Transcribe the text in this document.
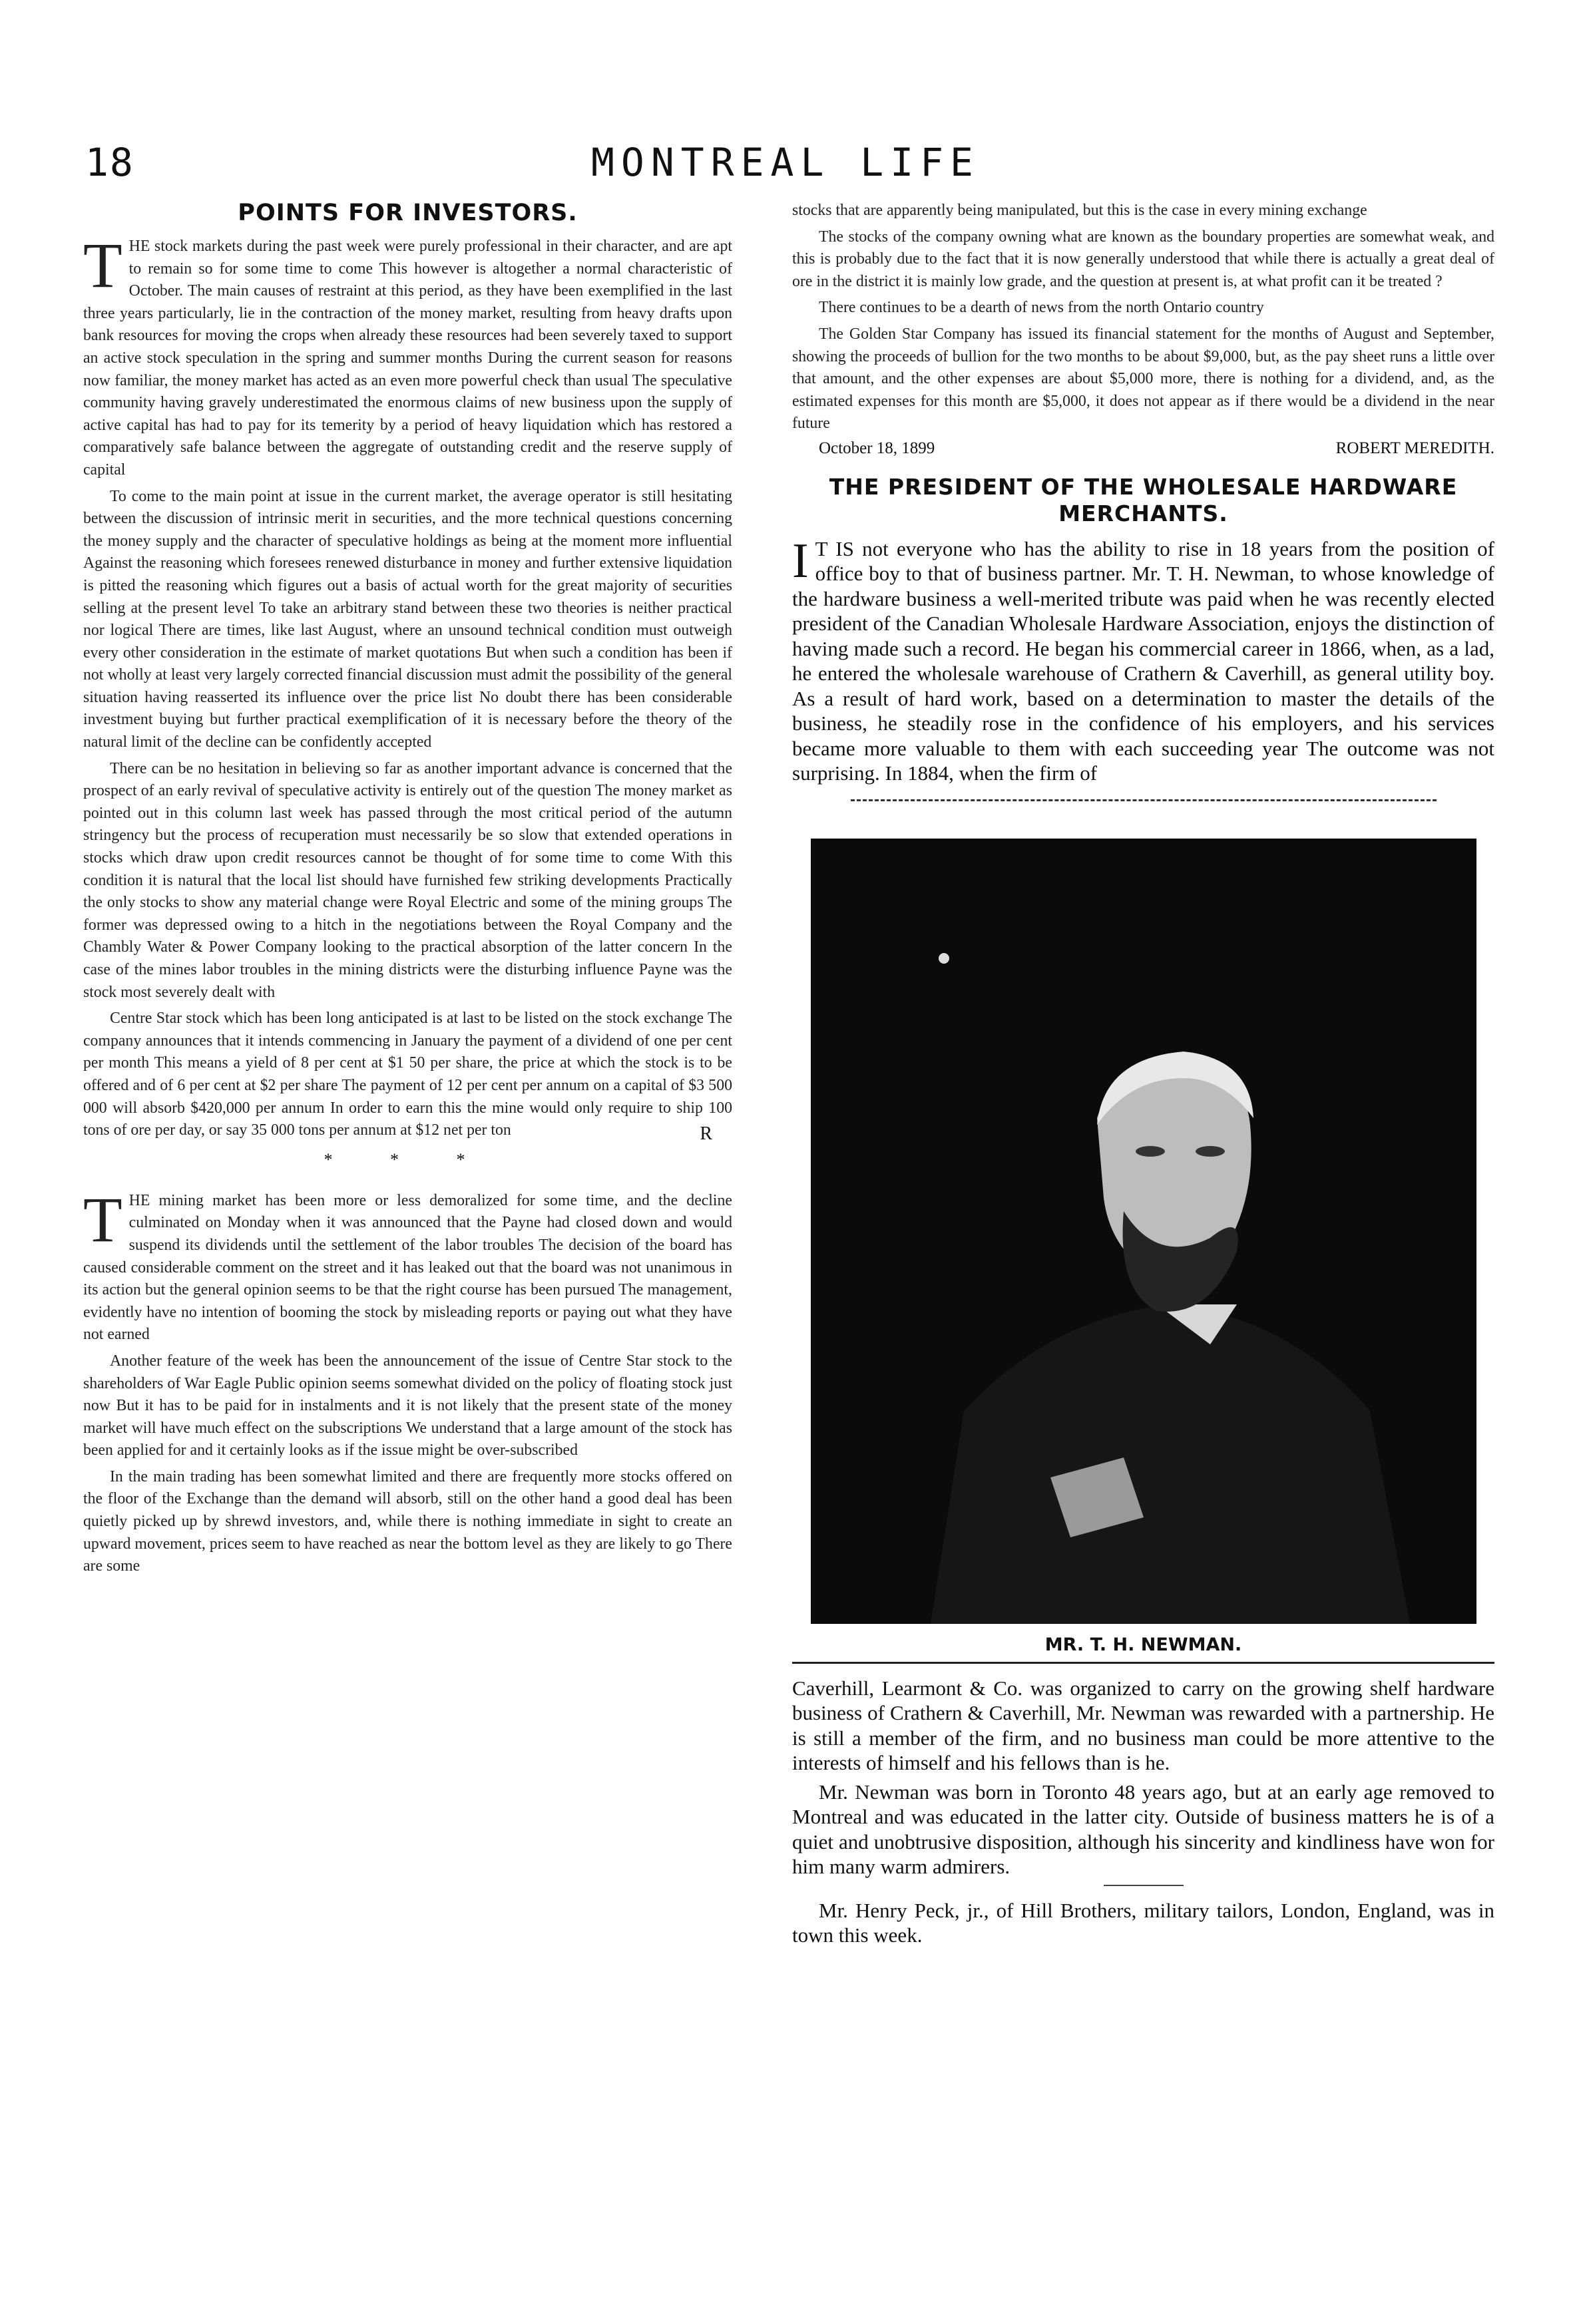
18	MONTREAL LIFE
POINTS FOR INVESTORS.

THE stock markets during the past week were purely professional in their character, and are apt to remain so for some time to come This however is altogether a normal characteristic of October. The main causes of restraint at this period, as they have been exemplified in the last three years particularly, lie in the contraction of the money market, resulting from heavy drafts upon bank resources for moving the crops when already these resources had been severely taxed to support an active stock speculation in the spring and summer months During the current season for reasons now familiar, the money market has acted as an even more powerful check than usual The speculative community having gravely underestimated the enormous claims of new business upon the supply of active capital has had to pay for its temerity by a period of heavy liquidation which has restored a comparatively safe balance between the aggregate of outstanding credit and the reserve supply of capital

To come to the main point at issue in the current market, the average operator is still hesitating between the discussion of intrinsic merit in securities, and the more technical questions concerning the money supply and the character of speculative holdings as being at the moment more influential Against the reasoning which foresees renewed disturbance in money and further extensive liquidation is pitted the reasoning which figures out a basis of actual worth for the great majority of securities selling at the present level To take an arbitrary stand between these two theories is neither practical nor logical There are times, like last August, where an unsound technical condition must outweigh every other consideration in the estimate of market quotations But when such a condition has been if not wholly at least very largely corrected financial discussion must admit the possibility of the general situation having reasserted its influence over the price list No doubt there has been considerable investment buying but further practical exemplification of it is necessary before the theory of the natural limit of the decline can be confidently accepted

There can be no hesitation in believing so far as another important advance is concerned that the prospect of an early revival of speculative activity is entirely out of the question The money market as pointed out in this column last week has passed through the most critical period of the autumn stringency but the process of recuperation must necessarily be so slow that extended operations in stocks which draw upon credit resources cannot be thought of for some time to come With this condition it is natural that the local list should have furnished few striking developments Practically the only stocks to show any material change were Royal Electric and some of the mining groups The former was depressed owing to a hitch in the negotiations between the Royal Company and the Chambly Water & Power Company looking to the practical absorption of the latter concern In the case of the mines labor troubles in the mining districts were the disturbing influence Payne was the stock most severely dealt with

Centre Star stock which has been long anticipated is at last to be listed on the stock exchange The company announces that it intends commencing in January the payment of a dividend of one per cent per month This means a yield of 8 per cent at $1 50 per share, the price at which the stock is to be offered and of 6 per cent at $2 per share The payment of 12 per cent per annum on a capital of $3 500 000 will absorb $420,000 per annum In order to earn this the mine would only require to ship 100 tons of ore per day, or say 35 000 tons per annum at $12 net per ton	R
* * *

THE mining market has been more or less demoralized for some time, and the decline culminated on Monday when it was announced that the Payne had closed down and would suspend its dividends until the settlement of the labor troubles The decision of the board has caused considerable comment on the street and it has leaked out that the board was not unanimous in its action but the general opinion seems to be that the right course has been pursued The management, evidently have no intention of booming the stock by misleading reports or paying out what they have not earned

Another feature of the week has been the announcement of the issue of Centre Star stock to the shareholders of War Eagle Public opinion seems somewhat divided on the policy of floating stock just now But it has to be paid for in instalments and it is not likely that the present state of the money market will have much effect on the subscriptions We understand that a large amount of the stock has been applied for and it certainly looks as if the issue might be over-subscribed

In the main trading has been somewhat limited and there are frequently more stocks offered on the floor of the Exchange than the demand will absorb, still on the other hand a good deal has been quietly picked up by shrewd investors, and, while there is nothing immediate in sight to create an upward movement, prices seem to have reached as near the bottom level as they are likely to go There are some

stocks that are apparently being manipulated, but this is the case in every mining exchange

The stocks of the company owning what are known as the boundary properties are somewhat weak, and this is probably due to the fact that it is now generally understood that while there is actually a great deal of ore in the district it is mainly low grade, and the question at present is, at what profit can it be treated ?

There continues to be a dearth of news from the north Ontario country

The Golden Star Company has issued its financial statement for the months of August and September, showing the proceeds of bullion for the two months to be about $9,000, but, as the pay sheet runs a little over that amount, and the other expenses are about $5,000 more, there is nothing for a dividend, and, as the estimated expenses for this month are $5,000, it does not appear as if there would be a dividend in the near future

October 18, 1899	ROBERT MEREDITH.
THE PRESIDENT OF THE WHOLESALE HARDWARE MERCHANTS.

I T IS not everyone who has the ability to rise in 18 years from the position of office boy to that of business partner. Mr. T. H. Newman, to whose knowledge of the hardware business a well-merited tribute was paid when he was recently elected president of the Canadian Wholesale Hardware Association, enjoys the distinction of having made such a record. He began his commercial career in 1866, when, as a lad, he entered the wholesale warehouse of Crathern & Caverhill, as general utility boy. As a result of hard work, based on a determination to master the details of the business, he steadily rose in the confidence of his employers, and his services became more valuable to them with each succeeding year The outcome was not surprising. In 1884, when the firm of

MR. T. H. NEWMAN.

Caverhill, Learmont & Co. was organized to carry on the growing shelf hardware business of Crathern & Caverhill, Mr. Newman was rewarded with a partnership. He is still a member of the firm, and no business man could be more attentive to the interests of himself and his fellows than is he.

Mr. Newman was born in Toronto 48 years ago, but at an early age removed to Montreal and was educated in the latter city. Outside of business matters he is of a quiet and unobtrusive disposition, although his sincerity and kindliness have won for him many warm admirers.

Mr. Henry Peck, jr., of Hill Brothers, military tailors, London, England, was in town this week.
